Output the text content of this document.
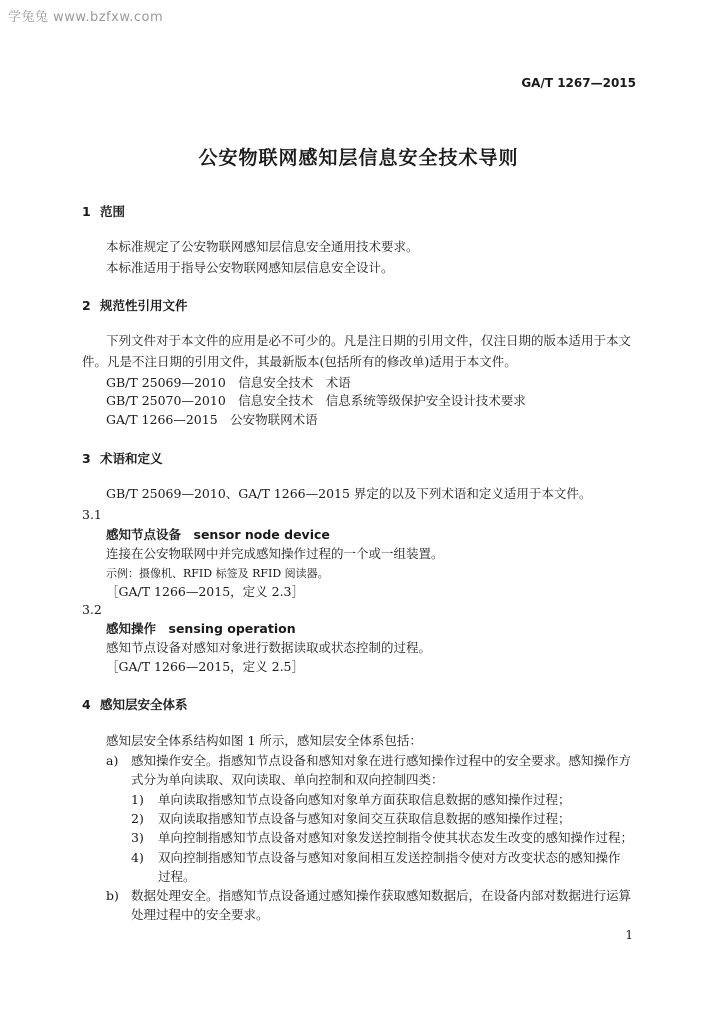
学兔兔 www.bzfxw.com
GA/T 1267—2015
公安物联网感知层信息安全技术导则
1 范围
本标准规定了公安物联网感知层信息安全通用技术要求。
本标准适用于指导公安物联网感知层信息安全设计。
2 规范性引用文件
下列文件对于本文件的应用是必不可少的。凡是注日期的引用文件，仅注日期的版本适用于本文
件。凡是不注日期的引用文件，其最新版本(包括所有的修改单)适用于本文件。
GB/T 25069—2010　信息安全技术　术语
GB/T 25070—2010　信息安全技术　信息系统等级保护安全设计技术要求
GA/T 1266—2015　公安物联网术语
3 术语和定义
GB/T 25069—2010、GA/T 1266—2015 界定的以及下列术语和定义适用于本文件。
3.1
感知节点设备　sensor node device
连接在公安物联网中并完成感知操作过程的一个或一组装置。
示例：摄像机、RFID 标签及 RFID 阅读器。
［GA/T 1266—2015，定义 2.3］
3.2
感知操作　sensing operation
感知节点设备对感知对象进行数据读取或状态控制的过程。
［GA/T 1266—2015，定义 2.5］
4 感知层安全体系
感知层安全体系结构如图 1 所示，感知层安全体系包括：
a) 感知操作安全。指感知节点设备和感知对象在进行感知操作过程中的安全要求。感知操作方
式分为单向读取、双向读取、单向控制和双向控制四类：
1) 单向读取指感知节点设备向感知对象单方面获取信息数据的感知操作过程；
2) 双向读取指感知节点设备与感知对象间交互获取信息数据的感知操作过程；
3) 单向控制指感知节点设备对感知对象发送控制指令使其状态发生改变的感知操作过程；
4) 双向控制指感知节点设备与感知对象间相互发送控制指令使对方改变状态的感知操作
过程。
b) 数据处理安全。指感知节点设备通过感知操作获取感知数据后，在设备内部对数据进行运算
处理过程中的安全要求。
1
